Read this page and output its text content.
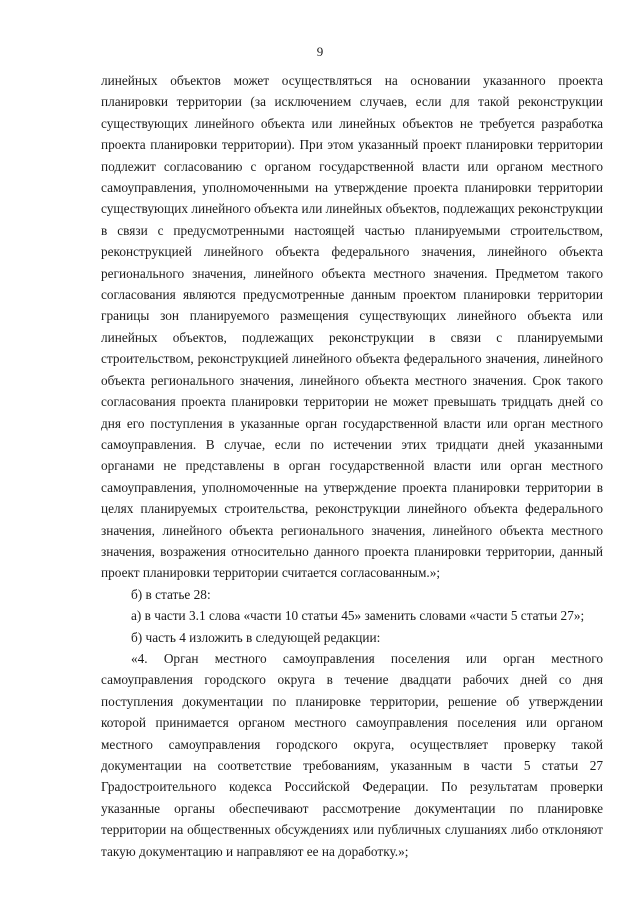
9

линейных объектов может осуществляться на основании указанного проекта планировки территории (за исключением случаев, если для такой реконструкции существующих линейного объекта или линейных объектов не требуется разработка проекта планировки территории). При этом указанный проект планировки территории подлежит согласованию с органом государственной власти или органом местного самоуправления, уполномоченными на утверждение проекта планировки территории существующих линейного объекта или линейных объектов, подлежащих реконструкции в связи с предусмотренными настоящей частью планируемыми строительством, реконструкцией линейного объекта федерального значения, линейного объекта регионального значения, линейного объекта местного значения. Предметом такого согласования являются предусмотренные данным проектом планировки территории границы зон планируемого размещения существующих линейного объекта или линейных объектов, подлежащих реконструкции в связи с планируемыми строительством, реконструкцией линейного объекта федерального значения, линейного объекта регионального значения, линейного объекта местного значения. Срок такого согласования проекта планировки территории не может превышать тридцать дней со дня его поступления в указанные орган государственной власти или орган местного самоуправления. В случае, если по истечении этих тридцати дней указанными органами не представлены в орган государственной власти или орган местного самоуправления, уполномоченные на утверждение проекта планировки территории в целях планируемых строительства, реконструкции линейного объекта федерального значения, линейного объекта регионального значения, линейного объекта местного значения, возражения относительно данного проекта планировки территории, данный проект планировки территории считается согласованным.»;

б) в статье 28:

а) в части 3.1 слова «части 10 статьи 45» заменить словами «части 5 статьи 27»;

б) часть 4 изложить в следующей редакции:

«4. Орган местного самоуправления поселения или орган местного самоуправления городского округа в течение двадцати рабочих дней со дня поступления документации по планировке территории, решение об утверждении которой принимается органом местного самоуправления поселения или органом местного самоуправления городского округа, осуществляет проверку такой документации на соответствие требованиям, указанным в части 5 статьи 27 Градостроительного кодекса Российской Федерации. По результатам проверки указанные органы обеспечивают рассмотрение документации по планировке территории на общественных обсуждениях или публичных слушаниях либо отклоняют такую документацию и направляют ее на доработку.»;
